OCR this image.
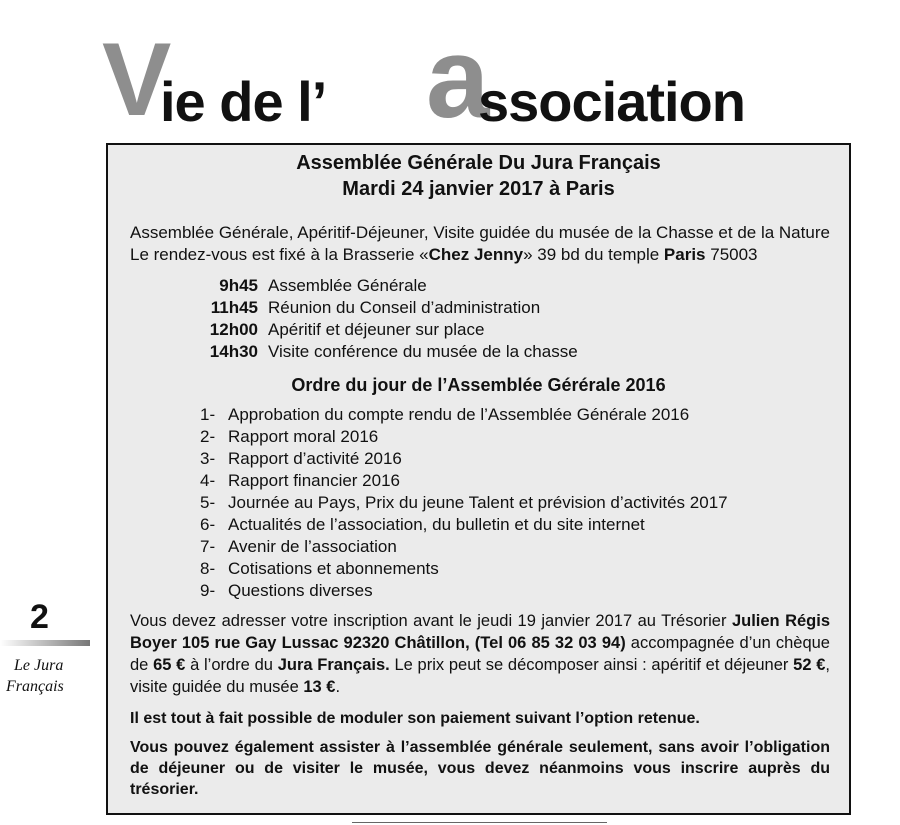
V
ie de l’ a
ssociation
Assemblée Générale Du Jura Français
Mardi 24 janvier 2017 à Paris
Assemblée Générale, Apéritif-Déjeuner, Visite guidée du musée de la Chasse et de la Nature
Le rendez-vous est fixé à la Brasserie «Chez Jenny» 39 bd du temple Paris 75003
9h45 Assemblée Générale
11h45 Réunion du Conseil d’administration
12h00 Apéritif et déjeuner sur place
14h30 Visite conférence du musée de la chasse
Ordre du jour de l’Assemblée Gérérale 2016
1- Approbation du compte rendu de l’Assemblée Générale 2016
2- Rapport moral 2016
3- Rapport d’activité 2016
4- Rapport financier 2016
5- Journée au Pays, Prix du jeune Talent et prévision d’activités 2017
6- Actualités de l’association, du bulletin et du site internet
7- Avenir de l’association
8- Cotisations et abonnements
9- Questions diverses
Vous devez adresser votre inscription avant le jeudi 19 janvier 2017 au Trésorier Julien Régis Boyer 105 rue Gay Lussac 92320 Châtillon, (Tel 06 85 32 03 94) accompagnée d’un chèque de 65 € à l’ordre du Jura Français. Le prix peut se décomposer ainsi : apéritif et déjeuner 52 €, visite guidée du musée 13 €.
Il est tout à fait possible de moduler son paiement suivant l’option retenue.
Vous pouvez également assister à l’assemblée générale seulement, sans avoir l’obligation de déjeuner ou de visiter le musée, vous devez néanmoins vous inscrire auprès du trésorier.
2
Le Jura
Français
